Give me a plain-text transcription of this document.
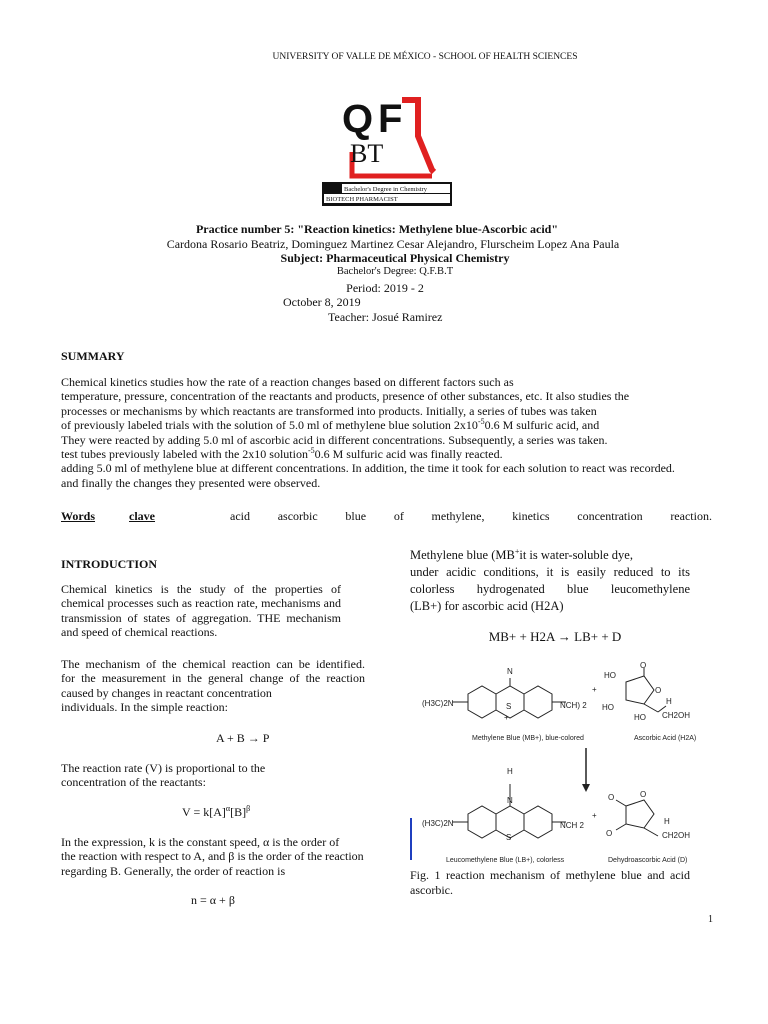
UNIVERSITY OF VALLE DE MÉXICO - SCHOOL OF HEALTH SCIENCES
Q F
BT
Bachelor's Degree in Chemistry
BIOTECH PHARMACIST
Practice number 5: "Reaction kinetics: Methylene blue-Ascorbic acid"
Cardona Rosario Beatriz, Dominguez Martinez Cesar Alejandro, Flurscheim Lopez Ana Paula
Subject: Pharmaceutical Physical Chemistry
Bachelor's Degree: Q.F.B.T
Period: 2019 - 2
October 8, 2019
Teacher: Josué Ramirez
SUMMARY
Chemical kinetics studies how the rate of a reaction changes based on different factors such as
temperature, pressure, concentration of the reactants and products, presence of other substances, etc. It also studies the
processes or mechanisms by which reactants are transformed into products. Initially, a series of tubes was taken
of previously labeled trials with the solution of 5.0 ml of methylene blue solution $2x10^{-5}0.6$ M sulfuric acid, and
They were reacted by adding 5.0 ml of ascorbic acid in different concentrations. Subsequently, a series was taken.
test tubes previously labeled with the 2x10 solution$^{-5}$0.6 M sulfuric acid was finally reacted.
adding 5.0 ml of methylene blue at different concentrations. In addition, the time it took for each solution to react was recorded.
and finally the changes they presented were observed.
Words	clave	acid ascorbic blue of methylene, kinetics concentration reaction.
INTRODUCTION
Chemical kinetics is the study of the properties of chemical processes such as reaction rate, mechanisms and transmission of states of aggregation. THE mechanism and speed of chemical reactions.
The mechanism of the chemical reaction can be identified.
for the measurement in the general change of the reaction
caused by changes in reactant concentration
individuals. In the simple reaction:
A + B → P
The reaction rate (V) is proportional to the
concentration of the reactants:
$V = k[A]^\alpha[B]^\beta$
In the expression, k is the constant speed, α is the order of
the reaction with respect to A, and β is the order of the reaction
regarding B. Generally, the order of reaction is
n = α + β
Methylene blue (MB+it is water-soluble dye,
under acidic conditions, it is easily reduced to its
colorless hydrogenated blue leucomethylene
(LB+) for ascorbic acid (H2A)
MB+ + H2A → LB+ + D
N
(H3C)2N	NCH) 2
S
+
+
HO
HO
HO
O
O
H
CH2OH
Methylene Blue (MB+), blue-colored	Ascorbic Acid (H2A)
H
N
(H3C)2N	NCH 2
S
+
O
O
O
H
CH2OH
Leucomethylene Blue (LB+), colorless	Dehydroascorbic Acid (D)
Fig. 1 reaction mechanism of methylene blue and acid
ascorbic.
1
